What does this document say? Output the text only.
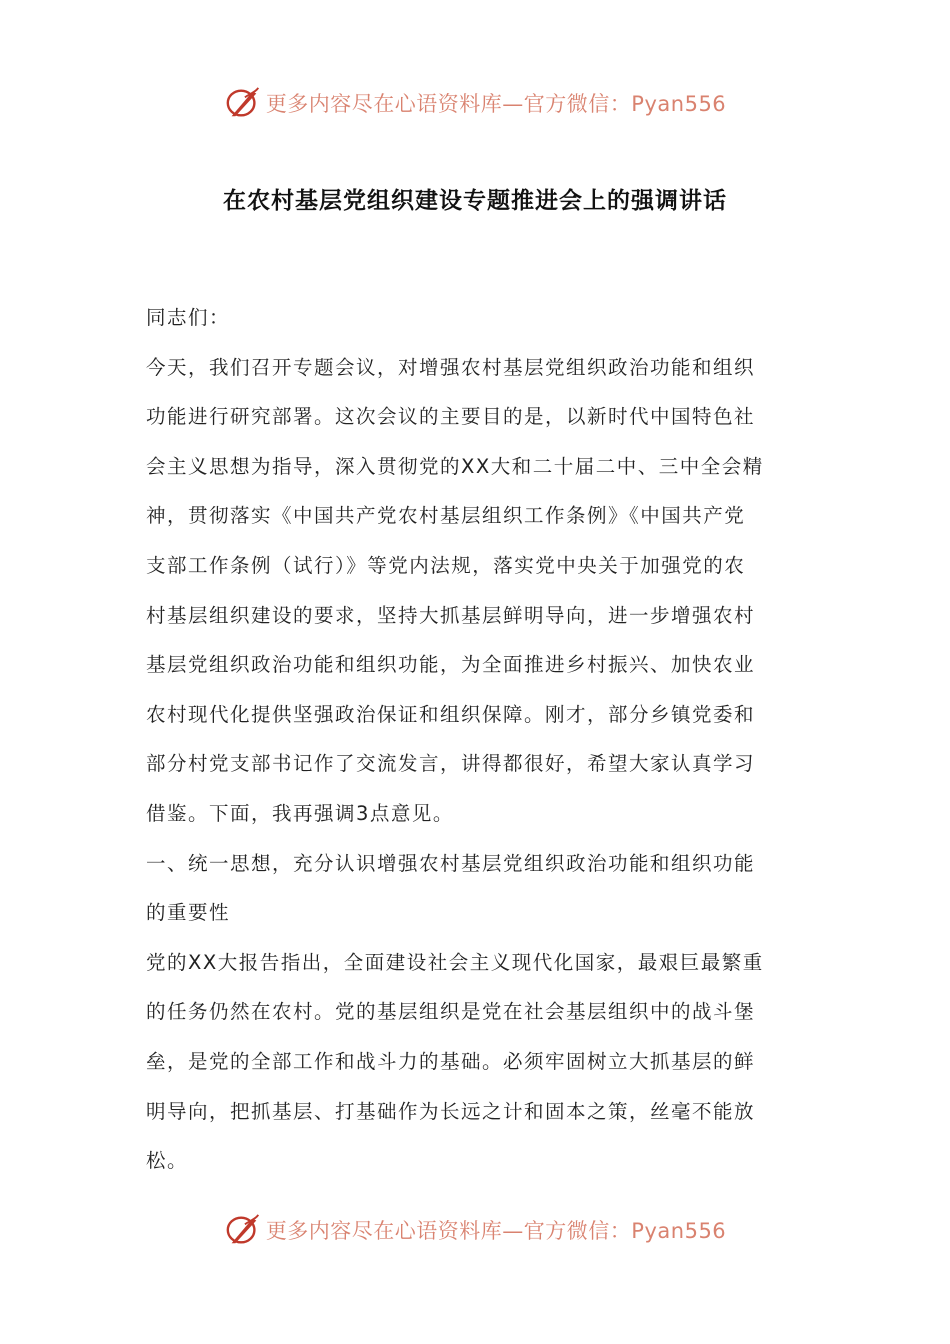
更多内容尽在心语资料库—官方微信：Pyan556
在农村基层党组织建设专题推进会上的强调讲话
同志们：
今天，我们召开专题会议，对增强农村基层党组织政治功能和组织
功能进行研究部署。这次会议的主要目的是，以新时代中国特色社
会主义思想为指导，深入贯彻党的XX大和二十届二中、三中全会精
神，贯彻落实《中国共产党农村基层组织工作条例》《中国共产党
支部工作条例（试行）》等党内法规，落实党中央关于加强党的农
村基层组织建设的要求，坚持大抓基层鲜明导向，进一步增强农村
基层党组织政治功能和组织功能，为全面推进乡村振兴、加快农业
农村现代化提供坚强政治保证和组织保障。刚才，部分乡镇党委和
部分村党支部书记作了交流发言，讲得都很好，希望大家认真学习
借鉴。下面，我再强调3点意见。
一、统一思想，充分认识增强农村基层党组织政治功能和组织功能
的重要性
党的XX大报告指出，全面建设社会主义现代化国家，最艰巨最繁重
的任务仍然在农村。党的基层组织是党在社会基层组织中的战斗堡
垒，是党的全部工作和战斗力的基础。必须牢固树立大抓基层的鲜
明导向，把抓基层、打基础作为长远之计和固本之策，丝毫不能放
松。
更多内容尽在心语资料库—官方微信：Pyan556
